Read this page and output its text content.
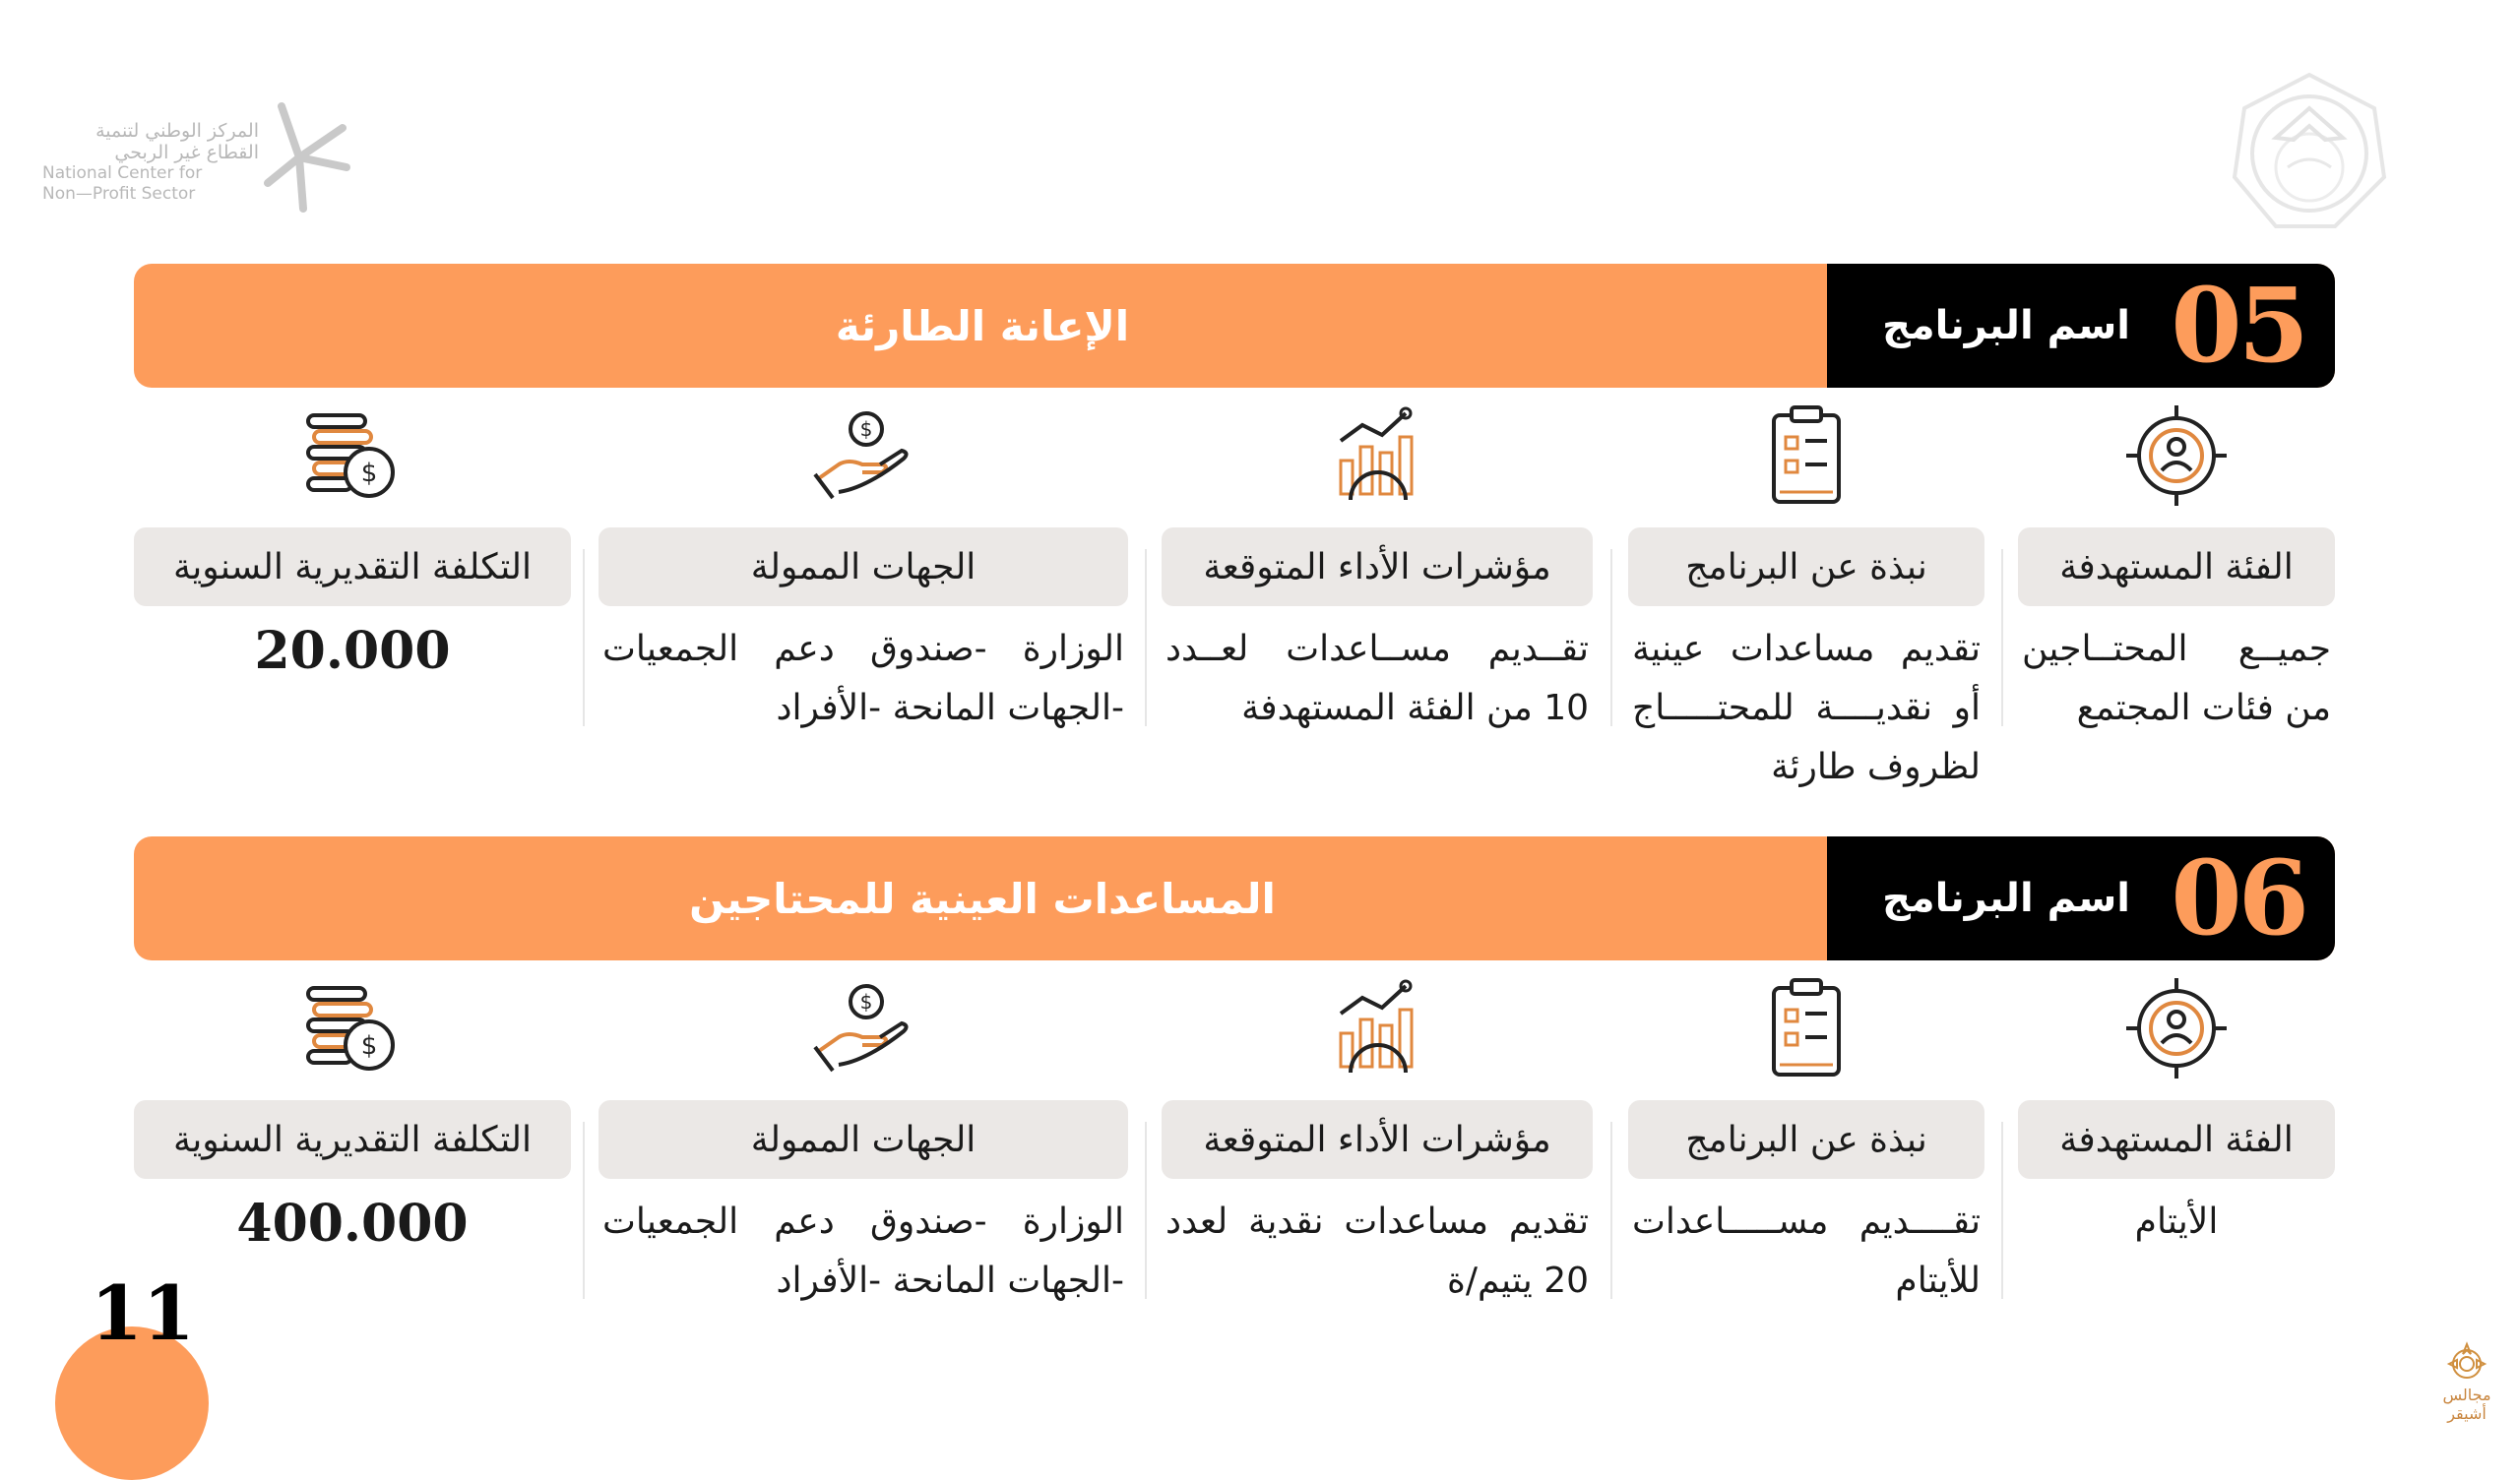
المركز الوطني لتنمية
القطاع غير الربحي
National Center for
Non—Profit Sector
الإعانة الطارئة	اسم البرنامج 05
الفئة المستهدفة
جميــع المحتــاجين من فئات المجتمع
نبذة عن البرنامج
تقديم مساعدات عينية أو نقديــــة للمحتـــــاج لظروف طارئة
مؤشرات الأداء المتوقعة
تقــديم مســاعدات لعــدد 10 من الفئة المستهدفة
$
الجهات الممولة
الوزارة -صندوق دعم الجمعيات -الجهات المانحة -الأفراد
$
التكلفة التقديرية السنوية
20.000
المساعدات العينية للمحتاجين	اسم البرنامج 06
الفئة المستهدفة
الأيتام
نبذة عن البرنامج
تقــــديم مســـــاعدات للأيتام
مؤشرات الأداء المتوقعة
تقديم مساعدات نقدية لعدد 20 يتيم/ة
$
الجهات الممولة
الوزارة -صندوق دعم الجمعيات -الجهات المانحة -الأفراد
$
التكلفة التقديرية السنوية
400.000
11
مجالس أشيقر
